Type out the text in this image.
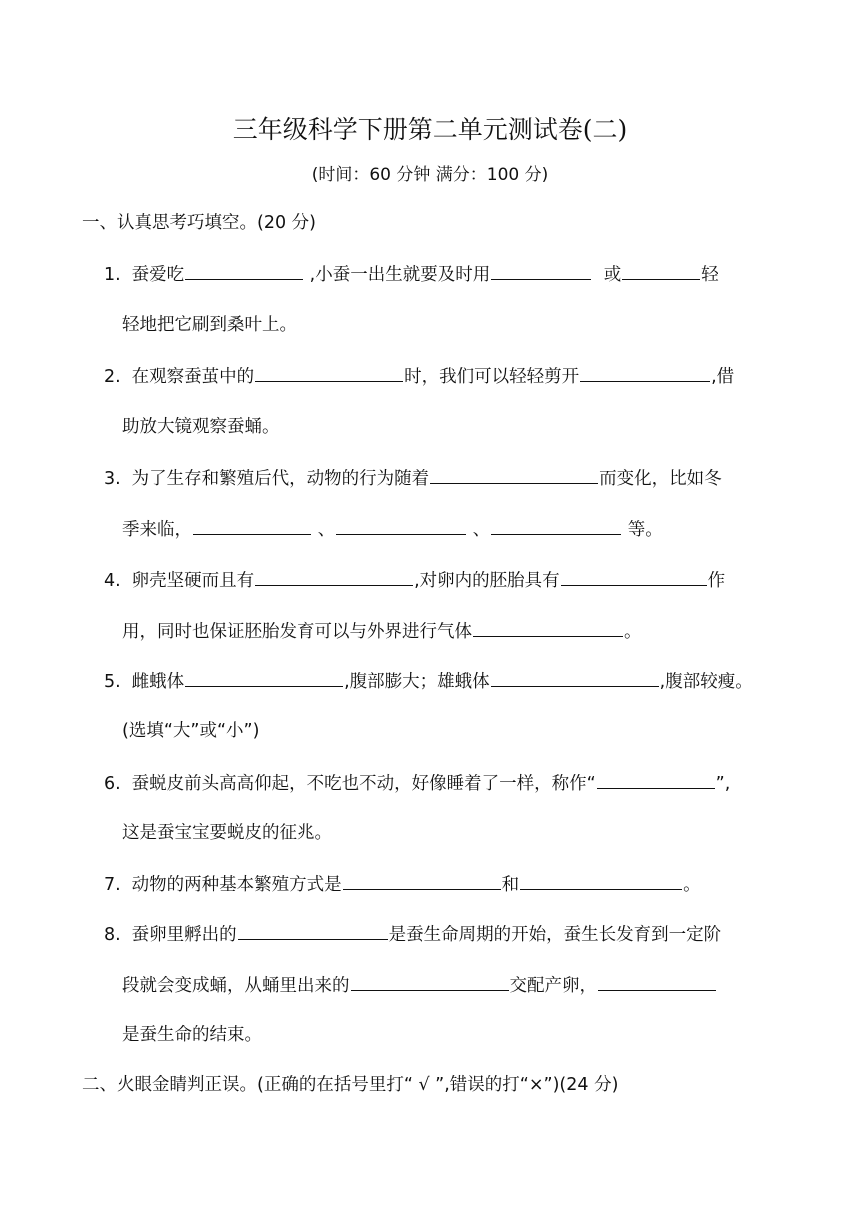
三年级科学下册第二单元测试卷(二)
(时间：60 分钟 满分：100 分)
一、认真思考巧填空。(20 分)
1. 蚕爱吃	,小蚕一出生就要及时用	或	轻
轻地把它刷到桑叶上。
2. 在观察蚕茧中的	时，我们可以轻轻剪开	,借
助放大镜观察蚕蛹。
3. 为了生存和繁殖后代，动物的行为随着	而变化，比如冬
季来临，	、	、	等。
4. 卵壳坚硬而且有	,对卵内的胚胎具有	作
用，同时也保证胚胎发育可以与外界进行气体	。
5. 雌蛾体	,腹部膨大；雄蛾体	,腹部较瘦。
(选填“大”或“小”)
6. 蚕蜕皮前头高高仰起，不吃也不动，好像睡着了一样，称作“	”,
这是蚕宝宝要蜕皮的征兆。
7. 动物的两种基本繁殖方式是	和	。
8. 蚕卵里孵出的	是蚕生命周期的开始，蚕生长发育到一定阶
段就会变成蛹，从蛹里出来的	交配产卵，
是蚕生命的结束。
二、火眼金睛判正误。(正确的在括号里打“ √ ”,错误的打“×”)(24 分)
